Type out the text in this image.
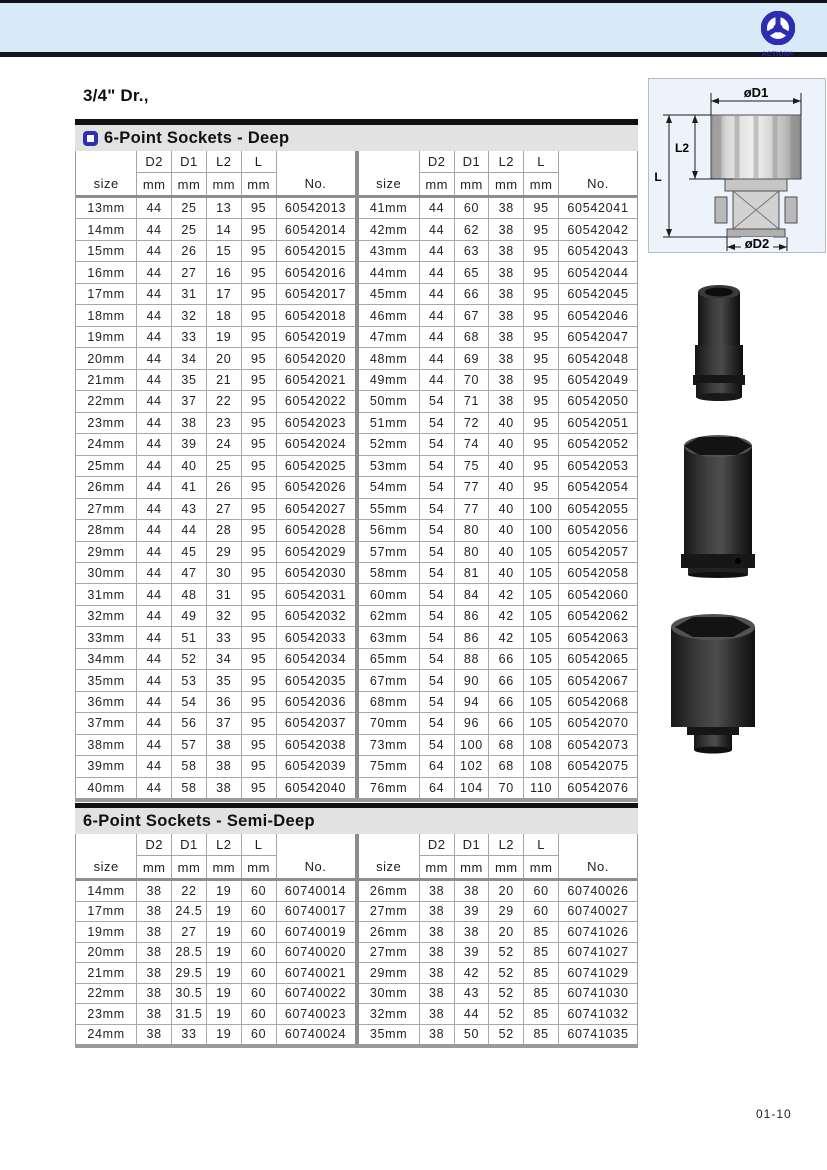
ACTION®
3/4" Dr.,
6-Point Sockets - Deep
size
D2	D1	L2	L
mm mm mm mm	No.
13mm	44	25	13	95	60542013
14mm	44	25	14	95	60542014
15mm	44	26	15	95	60542015
16mm	44	27	16	95	60542016
17mm	44	31	17	95	60542017
18mm	44	32	18	95	60542018
19mm	44	33	19	95	60542019
20mm	44	34	20	95	60542020
21mm	44	35	21	95	60542021
22mm	44	37	22	95	60542022
23mm	44	38	23	95	60542023
24mm	44	39	24	95	60542024
25mm	44	40	25	95	60542025
26mm	44	41	26	95	60542026
27mm	44	43	27	95	60542027
28mm	44	44	28	95	60542028
29mm	44	45	29	95	60542029
30mm	44	47	30	95	60542030
31mm	44	48	31	95	60542031
32mm	44	49	32	95	60542032
33mm	44	51	33	95	60542033
34mm	44	52	34	95	60542034
35mm	44	53	35	95	60542035
36mm	44	54	36	95	60542036
37mm	44	56	37	95	60542037
38mm	44	57	38	95	60542038
39mm	44	58	38	95	60542039
40mm	44	58	38	95	60542040
size
D2	D1	L2	L
mm mm mm mm	No.
41mm	44	60	38	95	60542041
42mm	44	62	38	95	60542042
43mm	44	63	38	95	60542043
44mm	44	65	38	95	60542044
45mm	44	66	38	95	60542045
46mm	44	67	38	95	60542046
47mm	44	68	38	95	60542047
48mm	44	69	38	95	60542048
49mm	44	70	38	95	60542049
50mm	54	71	38	95	60542050
51mm	54	72	40	95	60542051
52mm	54	74	40	95	60542052
53mm	54	75	40	95	60542053
54mm	54	77	40	95	60542054
55mm	54	77	40	100	60542055
56mm	54	80	40	100	60542056
57mm	54	80	40	105	60542057
58mm	54	81	40	105	60542058
60mm	54	84	42	105	60542060
62mm	54	86	42	105	60542062
63mm	54	86	42	105	60542063
65mm	54	88	66	105	60542065
67mm	54	90	66	105	60542067
68mm	54	94	66	105	60542068
70mm	54	96	66	105	60542070
73mm	54	100	68	108	60542073
75mm	64	102	68	108	60542075
76mm	64	104	70	110	60542076
6-Point Sockets - Semi-Deep
size
D2	D1	L2	L
mm mm mm mm	No.
14mm	38	22	19	60	60740014
17mm	38	24.5	19	60	60740017
19mm	38	27	19	60	60740019
20mm	38	28.5	19	60	60740020
21mm	38	29.5	19	60	60740021
22mm	38	30.5	19	60	60740022
23mm	38	31.5	19	60	60740023
24mm	38	33	19	60	60740024
size
D2	D1	L2	L
mm mm mm mm	No.
26mm	38	38	20	60	60740026
27mm	38	39	29	60	60740027
26mm	38	38	20	85	60741026
27mm	38	39	52	85	60741027
29mm	38	42	52	85	60741029
30mm	38	43	52	85	60741030
32mm	38	44	52	85	60741032
35mm	38	50	52	85	60741035
øD1
L2
L
øD2
01-10
